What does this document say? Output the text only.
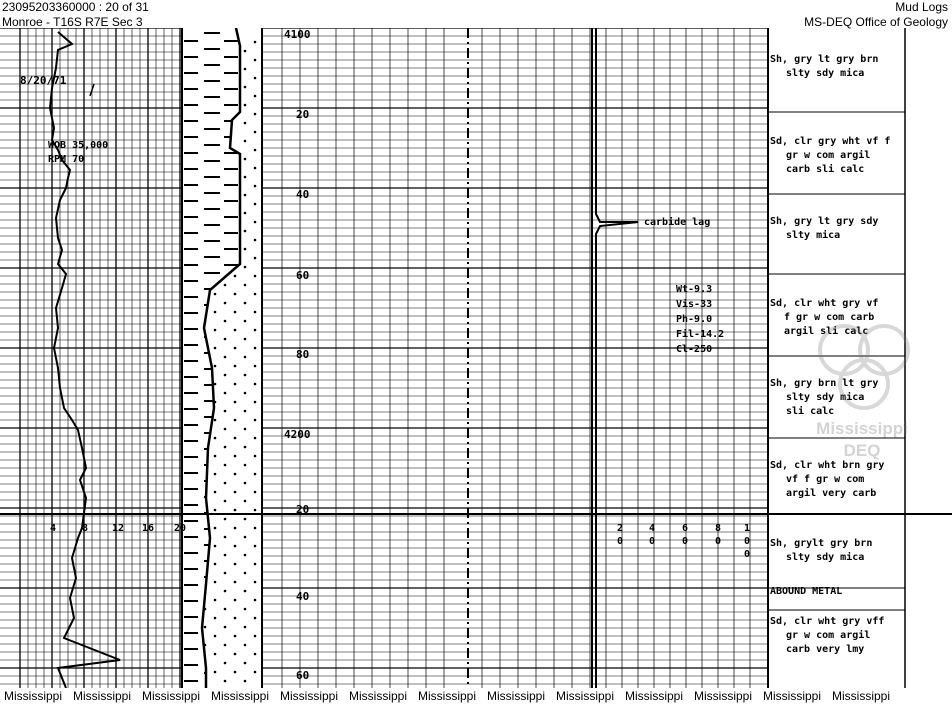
23095203360000 : 20 of 31
Monroe - T16S R7E Sec 3
Mud Logs
MS-DEQ Office of Geology
8/20/71
WOB 35,000
RPM 70
carbide lag
Wt-9.3
Vis-33
Ph-9.0
Fil-14.2
Cl-250
4	8 12 16 20	2
0
4
0
6
0
8
0
1
0
0
4100
20
40
60
80
4200
20
40
60
Sh, gry lt gry brn
slty sdy mica
Sd, clr gry wht vf f
gr w com argil
carb sli calc
Sh, gry lt gry sdy
slty mica
Sd, clr wht gry vf
f gr w com carb
argil sli calc
Sh, gry brn lt gry
slty sdy mica
sli calc
Sd, clr wht brn gry
vf f gr w com
argil very carb
Sh, grylt gry brn
slty sdy mica
ABOUND METAL
Sd, clr wht gry vff
gr w com argil
carb very lmy
Mississippi
DEQ
Mississippi Mississippi Mississippi Mississippi Mississippi Mississippi Mississippi Mississippi Mississippi Mississippi Mississippi Mississippi Mississippi
